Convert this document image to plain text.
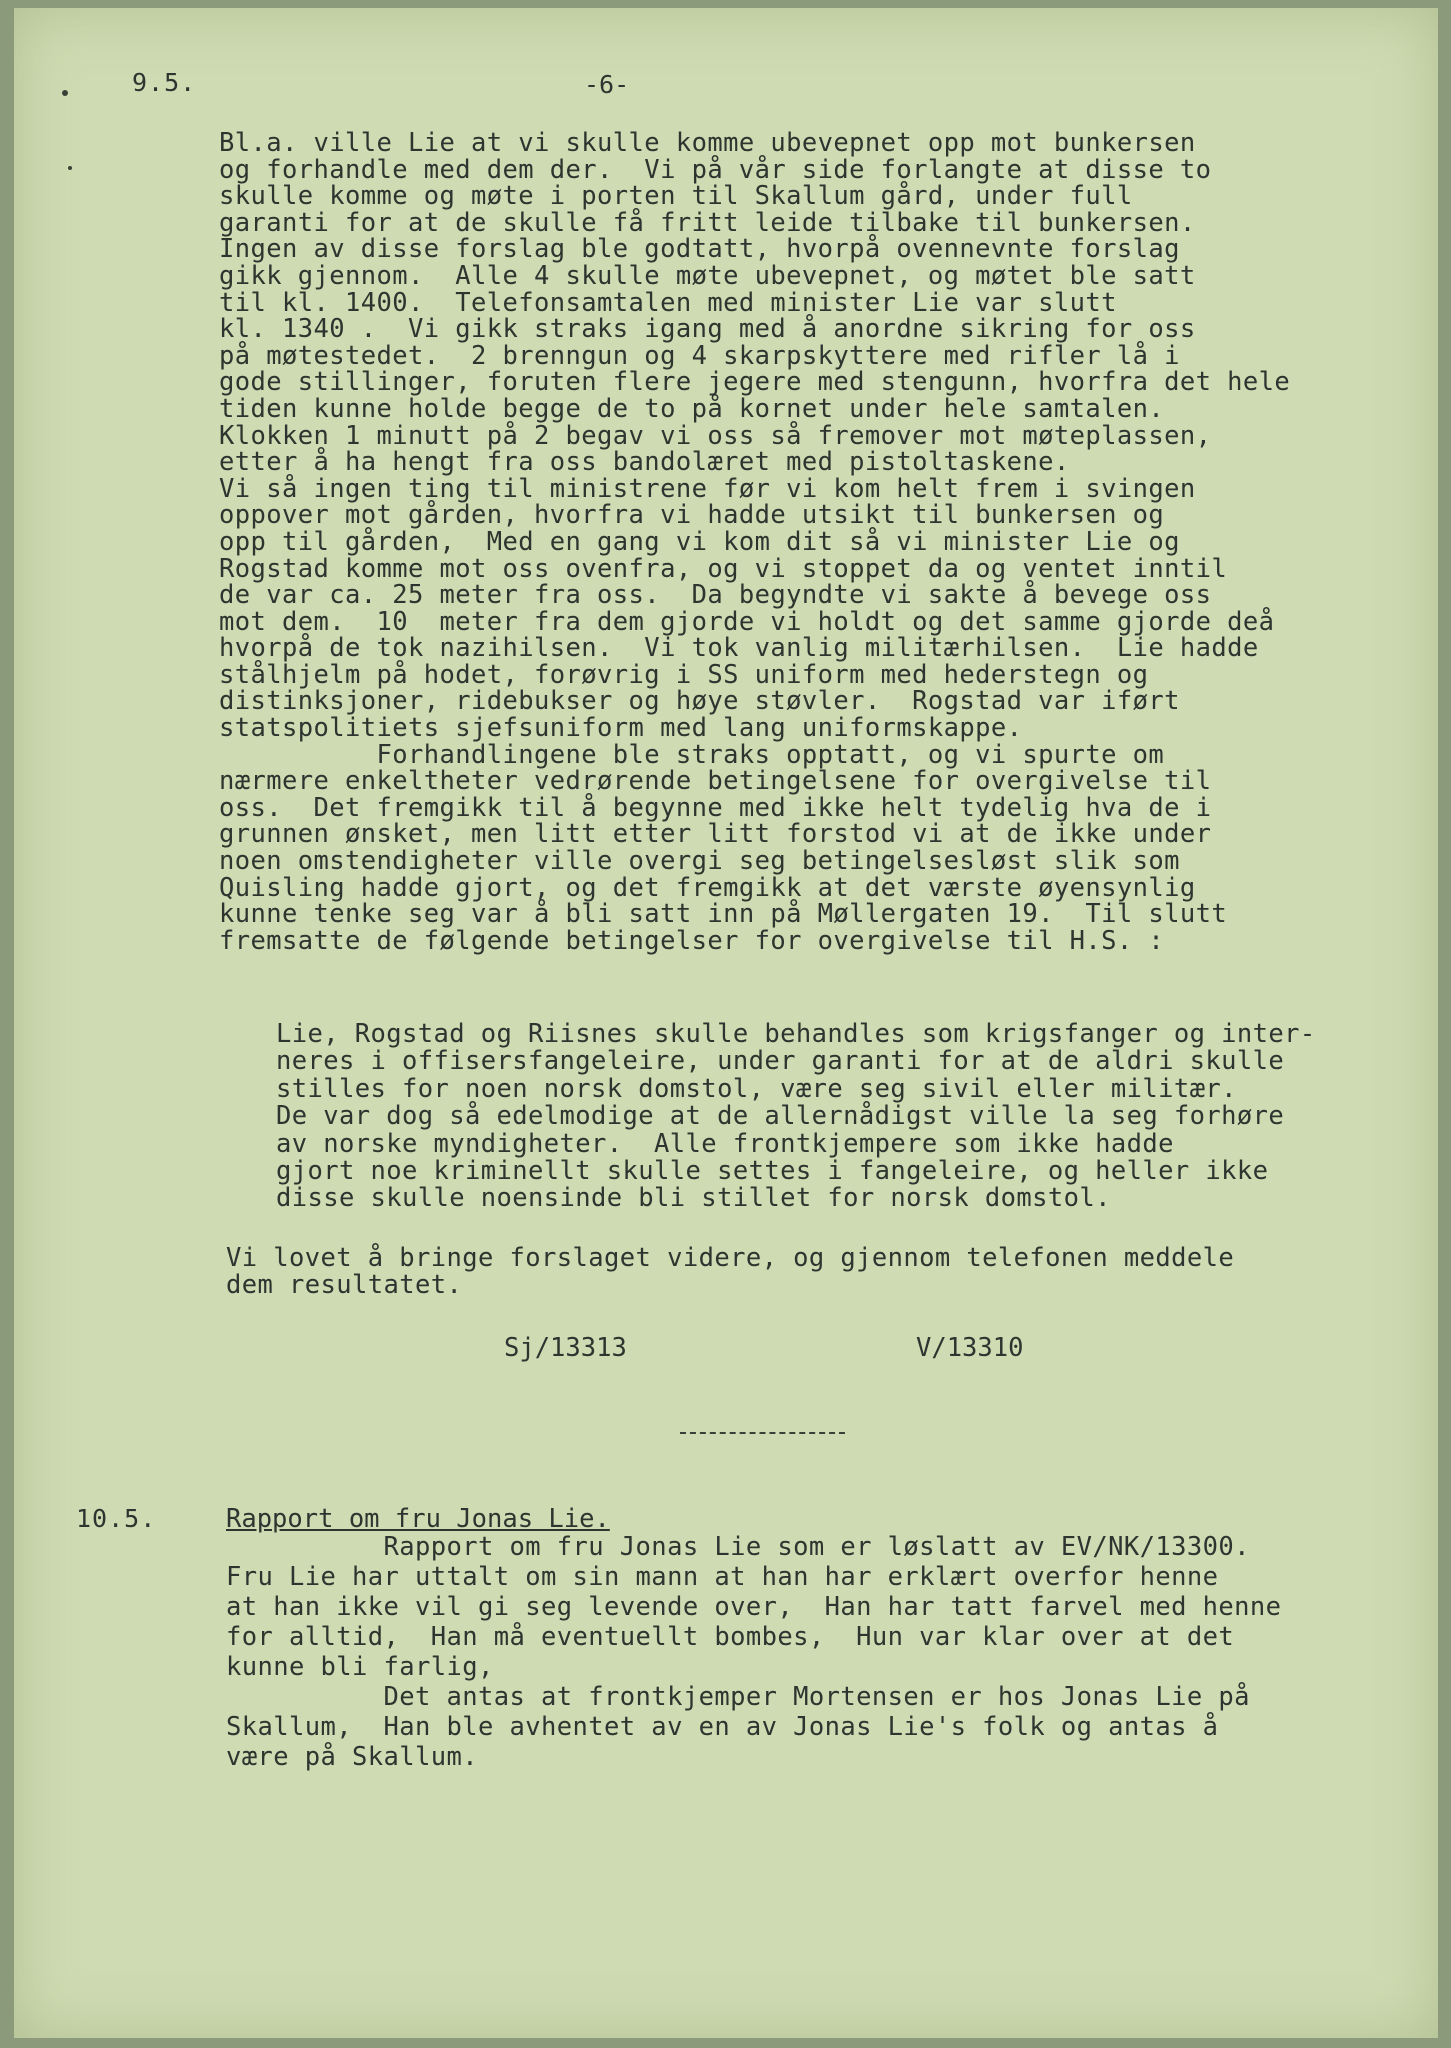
9.5.	-6-
Bl.a. ville Lie at vi skulle komme ubevepnet opp mot bunkersen
og forhandle med dem der.  Vi på vår side forlangte at disse to
skulle komme og møte i porten til Skallum gård, under full
garanti for at de skulle få fritt leide tilbake til bunkersen.
Ingen av disse forslag ble godtatt, hvorpå ovennevnte forslag
gikk gjennom.  Alle 4 skulle møte ubevepnet, og møtet ble satt
til kl. 1400.  Telefonsamtalen med minister Lie var slutt
kl. 1340 .  Vi gikk straks igang med å anordne sikring for oss
på møtestedet.  2 brenngun og 4 skarpskyttere med rifler lå i
gode stillinger, foruten flere jegere med stengunn, hvorfra det hele
tiden kunne holde begge de to på kornet under hele samtalen.
Klokken 1 minutt på 2 begav vi oss så fremover mot møteplassen,
etter å ha hengt fra oss bandolæret med pistoltaskene.
Vi så ingen ting til ministrene før vi kom helt frem i svingen
oppover mot gården, hvorfra vi hadde utsikt til bunkersen og
opp til gården,  Med en gang vi kom dit så vi minister Lie og
Rogstad komme mot oss ovenfra, og vi stoppet da og ventet inntil
de var ca. 25 meter fra oss.  Da begyndte vi sakte å bevege oss
mot dem.  10  meter fra dem gjorde vi holdt og det samme gjorde deå
hvorpå de tok nazihilsen.  Vi tok vanlig militærhilsen.  Lie hadde
stålhjelm på hodet, forøvrig i SS uniform med hederstegn og
distinksjoner, ridebukser og høye støvler.  Rogstad var iført
statspolitiets sjefsuniform med lang uniformskappe.
Forhandlingene ble straks opptatt, og vi spurte om
nærmere enkeltheter vedrørende betingelsene for overgivelse til
oss.  Det fremgikk til å begynne med ikke helt tydelig hva de i
grunnen ønsket, men litt etter litt forstod vi at de ikke under
noen omstendigheter ville overgi seg betingelsesløst slik som
Quisling hadde gjort, og det fremgikk at det værste øyensynlig
kunne tenke seg var å bli satt inn på Møllergaten 19.  Til slutt
fremsatte de følgende betingelser for overgivelse til H.S. :
Lie, Rogstad og Riisnes skulle behandles som krigsfanger og inter-
neres i offisersfangeleire, under garanti for at de aldri skulle
stilles for noen norsk domstol, være seg sivil eller militær.
De var dog så edelmodige at de allernådigst ville la seg forhøre
av norske myndigheter.  Alle frontkjempere som ikke hadde
gjort noe kriminellt skulle settes i fangeleire, og heller ikke
disse skulle noensinde bli stillet for norsk domstol.
Vi lovet å bringe forslaget videre, og gjennom telefonen meddele
dem resultatet.
Sj/13313	V/13310
10.5.	Rapport om fru Jonas Lie.
Rapport om fru Jonas Lie som er løslatt av EV/NK/13300.
Fru Lie har uttalt om sin mann at han har erklært overfor henne
at han ikke vil gi seg levende over,  Han har tatt farvel med henne
for alltid,  Han må eventuellt bombes,  Hun var klar over at det
kunne bli farlig,
Det antas at frontkjemper Mortensen er hos Jonas Lie på
Skallum,  Han ble avhentet av en av Jonas Lie's folk og antas å
være på Skallum.
